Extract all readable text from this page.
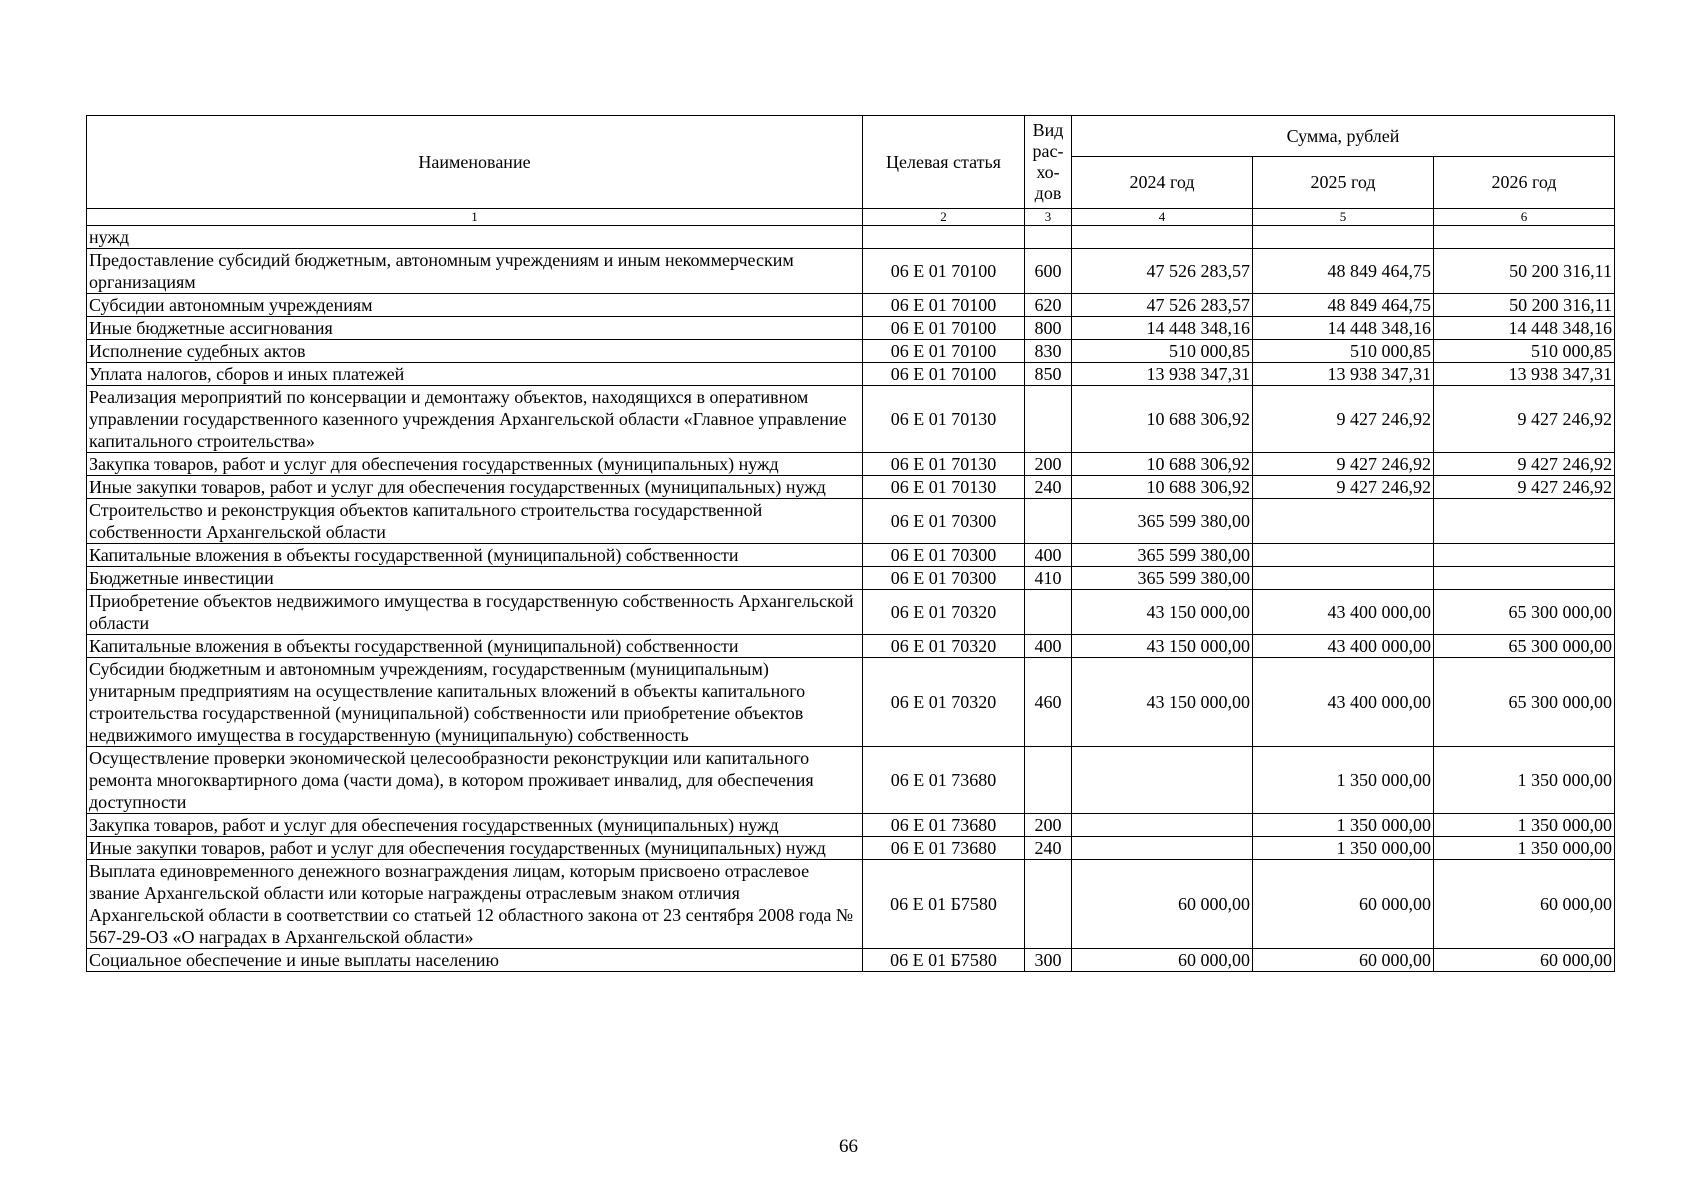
Наименование	Целевая статья	Вид рас-хо-дов	Сумма, рублей		
			2024 год	2025 год	2026 год
1	2	3	4	5	6
нужд					
Предоставление субсидий бюджетным, автономным учреждениям и иным некоммерческим организациям	06 Е 01 70100	600	47 526 283,57	48 849 464,75	50 200 316,11
Субсидии автономным учреждениям	06 Е 01 70100	620	47 526 283,57	48 849 464,75	50 200 316,11
Иные бюджетные ассигнования	06 Е 01 70100	800	14 448 348,16	14 448 348,16	14 448 348,16
Исполнение судебных актов	06 Е 01 70100	830	510 000,85	510 000,85	510 000,85
Уплата налогов, сборов и иных платежей	06 Е 01 70100	850	13 938 347,31	13 938 347,31	13 938 347,31
Реализация мероприятий по консервации и демонтажу объектов, находящихся в оперативном управлении государственного казенного учреждения Архангельской области «Главное управление капитального строительства»	06 Е 01 70130		10 688 306,92	9 427 246,92	9 427 246,92
Закупка товаров, работ и услуг для обеспечения государственных (муниципальных) нужд	06 Е 01 70130	200	10 688 306,92	9 427 246,92	9 427 246,92
Иные закупки товаров, работ и услуг для обеспечения государственных (муниципальных) нужд	06 Е 01 70130	240	10 688 306,92	9 427 246,92	9 427 246,92
Строительство и реконструкция объектов капитального строительства государственной собственности Архангельской области	06 Е 01 70300		365 599 380,00		
Капитальные вложения в объекты государственной (муниципальной) собственности	06 Е 01 70300	400	365 599 380,00		
Бюджетные инвестиции	06 Е 01 70300	410	365 599 380,00		
Приобретение объектов недвижимого имущества в государственную собственность Архангельской области	06 Е 01 70320		43 150 000,00	43 400 000,00	65 300 000,00
Капитальные вложения в объекты государственной (муниципальной) собственности	06 Е 01 70320	400	43 150 000,00	43 400 000,00	65 300 000,00
Субсидии бюджетным и автономным учреждениям, государственным (муниципальным) унитарным предприятиям на осуществление капитальных вложений в объекты капитального строительства государственной (муниципальной) собственности или приобретение объектов недвижимого имущества в государственную (муниципальную) собственность	06 Е 01 70320	460	43 150 000,00	43 400 000,00	65 300 000,00
Осуществление проверки экономической целесообразности реконструкции или капитального ремонта многоквартирного дома (части дома), в котором проживает инвалид, для обеспечения доступности	06 Е 01 73680			1 350 000,00	1 350 000,00
Закупка товаров, работ и услуг для обеспечения государственных (муниципальных) нужд	06 Е 01 73680	200		1 350 000,00	1 350 000,00
Иные закупки товаров, работ и услуг для обеспечения государственных (муниципальных) нужд	06 Е 01 73680	240		1 350 000,00	1 350 000,00
Выплата единовременного денежного вознаграждения лицам, которым присвоено отраслевое звание Архангельской области или которые награждены отраслевым знаком отличия Архангельской области в соответствии со статьей 12 областного закона от 23 сентября 2008 года № 567-29-ОЗ «О наградах в Архангельской области»	06 Е 01 Б7580		60 000,00	60 000,00	60 000,00
Социальное обеспечение и иные выплаты населению	06 Е 01 Б7580	300	60 000,00	60 000,00	60 000,00
66
